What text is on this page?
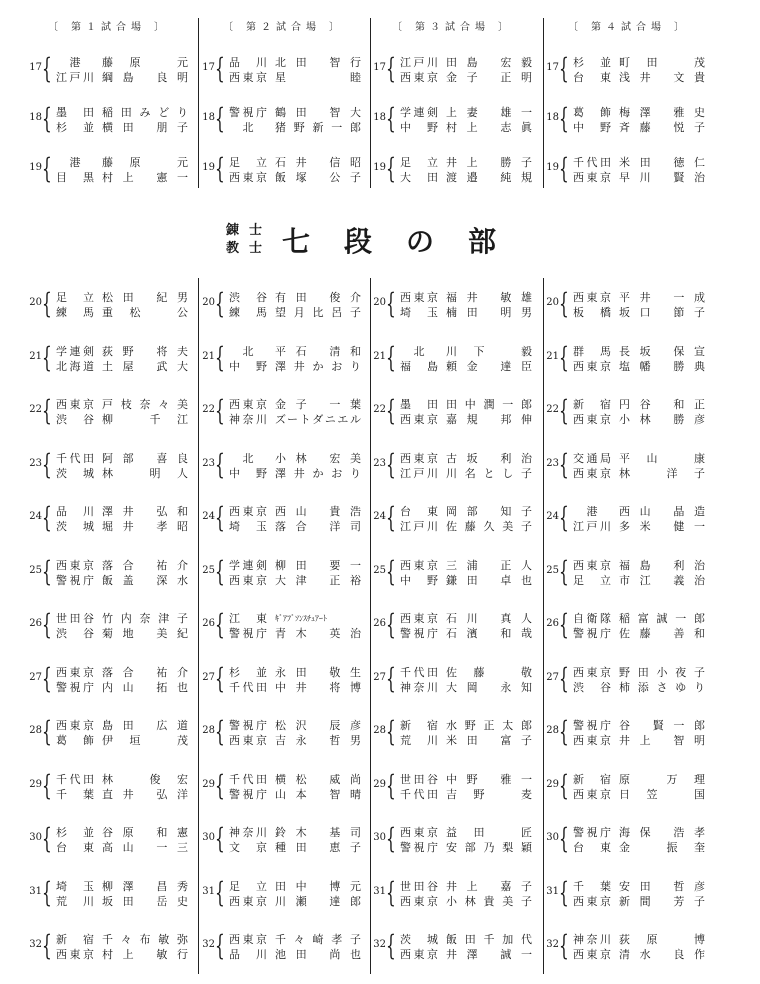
〔 第１試合場 〕	〔 第２試合場 〕	〔 第３試合場 〕	〔 第４試合場 〕
錬士
教士 七段の部
17 {	港	藤原 元
江戸川 綱島 良明
18 { 墨田 稲田みどり
杉並 横田 朋子
19 {	港	藤原 元
目黒 村上 憲一
17 { 品川 北田 智行
西東京 星 睦
18 { 警視庁 鶴田 智大
北	猪野新一郎
19 { 足立 石井 信昭
西東京 飯塚 公子
17 { 江戸川 田島 宏毅
西東京 金子 正明
18 { 学連剣 上妻 雄一
中野 村上 志眞
19 { 足立 井上 勝子
大田 渡邉 純規
17 { 杉並 町田 茂
台東 浅井 文貴
18 { 葛飾 梅澤 雅史
中野 斉藤 悦子
19 { 千代田 米田 徳仁
西東京 早川 賢治
20 { 足立 松田 紀男
練馬 重松 公
21 { 学連剣 荻野 将夫
北海道 土屋 武大
22 { 西東京 戸枝奈々美
渋谷 柳 千江
23 { 千代田 阿部 喜良
茨城 林 明人
24 { 品川 澤井 弘和
茨城 堀井 孝昭
25 { 西東京 落合 祐介
警視庁 飯盖 深水
26 { 世田谷 竹内奈津子
渋谷 菊地 美紀
27 { 西東京 落合 祐介
警視庁 内山 拓也
28 { 西東京 島田 広道
葛飾 伊垣 茂
29 { 千代田 林 俊宏
千葉 直井 弘洋
30 { 杉並 谷原 和憲
台東 高山 一三
31 { 埼玉 柳澤 昌秀
荒川 坂田 岳史
32 { 新宿 千々布敏弥
西東京 村上 敏行
20 { 渋谷 有田 俊介
練馬 望月比呂子
21 {	北	平石 清和
中野 澤井かおり
22 { 西東京 金子 一葉
神奈川 ズートダニエル
23 {	北	小林 宏美
中野 澤井かおり
24 { 西東京 西山 貴浩
埼玉 落合 洋司
25 { 学連剣 柳田 要一
西東京 大津 正裕
26 { 江東 ｷﾞｱﾌﾞｿﾝｽﾁｭｱｰﾄ
警視庁 青木 英治
27 { 杉並 永田 敬生
千代田 中井 将博
28 { 警視庁 松沢 辰彦
西東京 吉永 哲男
29 { 千代田 横松 威尚
警視庁 山本 智晴
30 { 神奈川 鈴木 基司
文京 種田 恵子
31 { 足立 田中 博元
西東京 川瀬 達郎
32 { 西東京 千々崎孝子
品川 池田 尚也
20 { 西東京 福井 敏雄
埼玉 楠田 明男
21 {	北	川下 毅
福島 頼金 達臣
22 { 墨田 田中潤一郎
西東京 嘉規 邦伸
23 { 西東京 古坂 利治
江戸川 川名とし子
24 { 台東 岡部 知子
江戸川 佐藤久美子
25 { 西東京 三浦 正人
中野 鎌田 卓也
26 { 西東京 石川 真人
警視庁 石濱 和哉
27 { 千代田 佐藤 敬
神奈川 大岡 永知
28 { 新宿 水野正太郎
荒川 米田 富子
29 { 世田谷 中野 雅一
千代田 吉野 麦
30 { 西東京 益田 匠
警視庁 安部乃梨穎
31 { 世田谷 井上 嘉子
西東京 小林貴美子
32 { 茨城 飯田千加代
西東京 井澤 誠一
20 { 西東京 平井 一成
板橋 坂口 節子
21 { 群馬 長坂 保宣
西東京 塩幡 勝典
22 { 新宿 円谷 和正
西東京 小林 勝彦
23 { 交通局 平山 康
西東京 林 洋子
24 {	港	西山 晶造
江戸川 多米 健一
25 { 西東京 福島 利治
足立 市江 義治
26 { 自衛隊 稲富誠一郎
警視庁 佐藤 善和
27 { 西東京 野田小夜子
渋谷 柿添さゆり
28 { 警視庁 谷 賢一郎
西東京 井上 智明
29 { 新宿 原 万理
西東京 日笠 国
30 { 警視庁 海保 浩孝
台東 金 振奎
31 { 千葉 安田 哲彦
西東京 新間 芳子
32 { 神奈川 荻原 博
西東京 清水 良作
